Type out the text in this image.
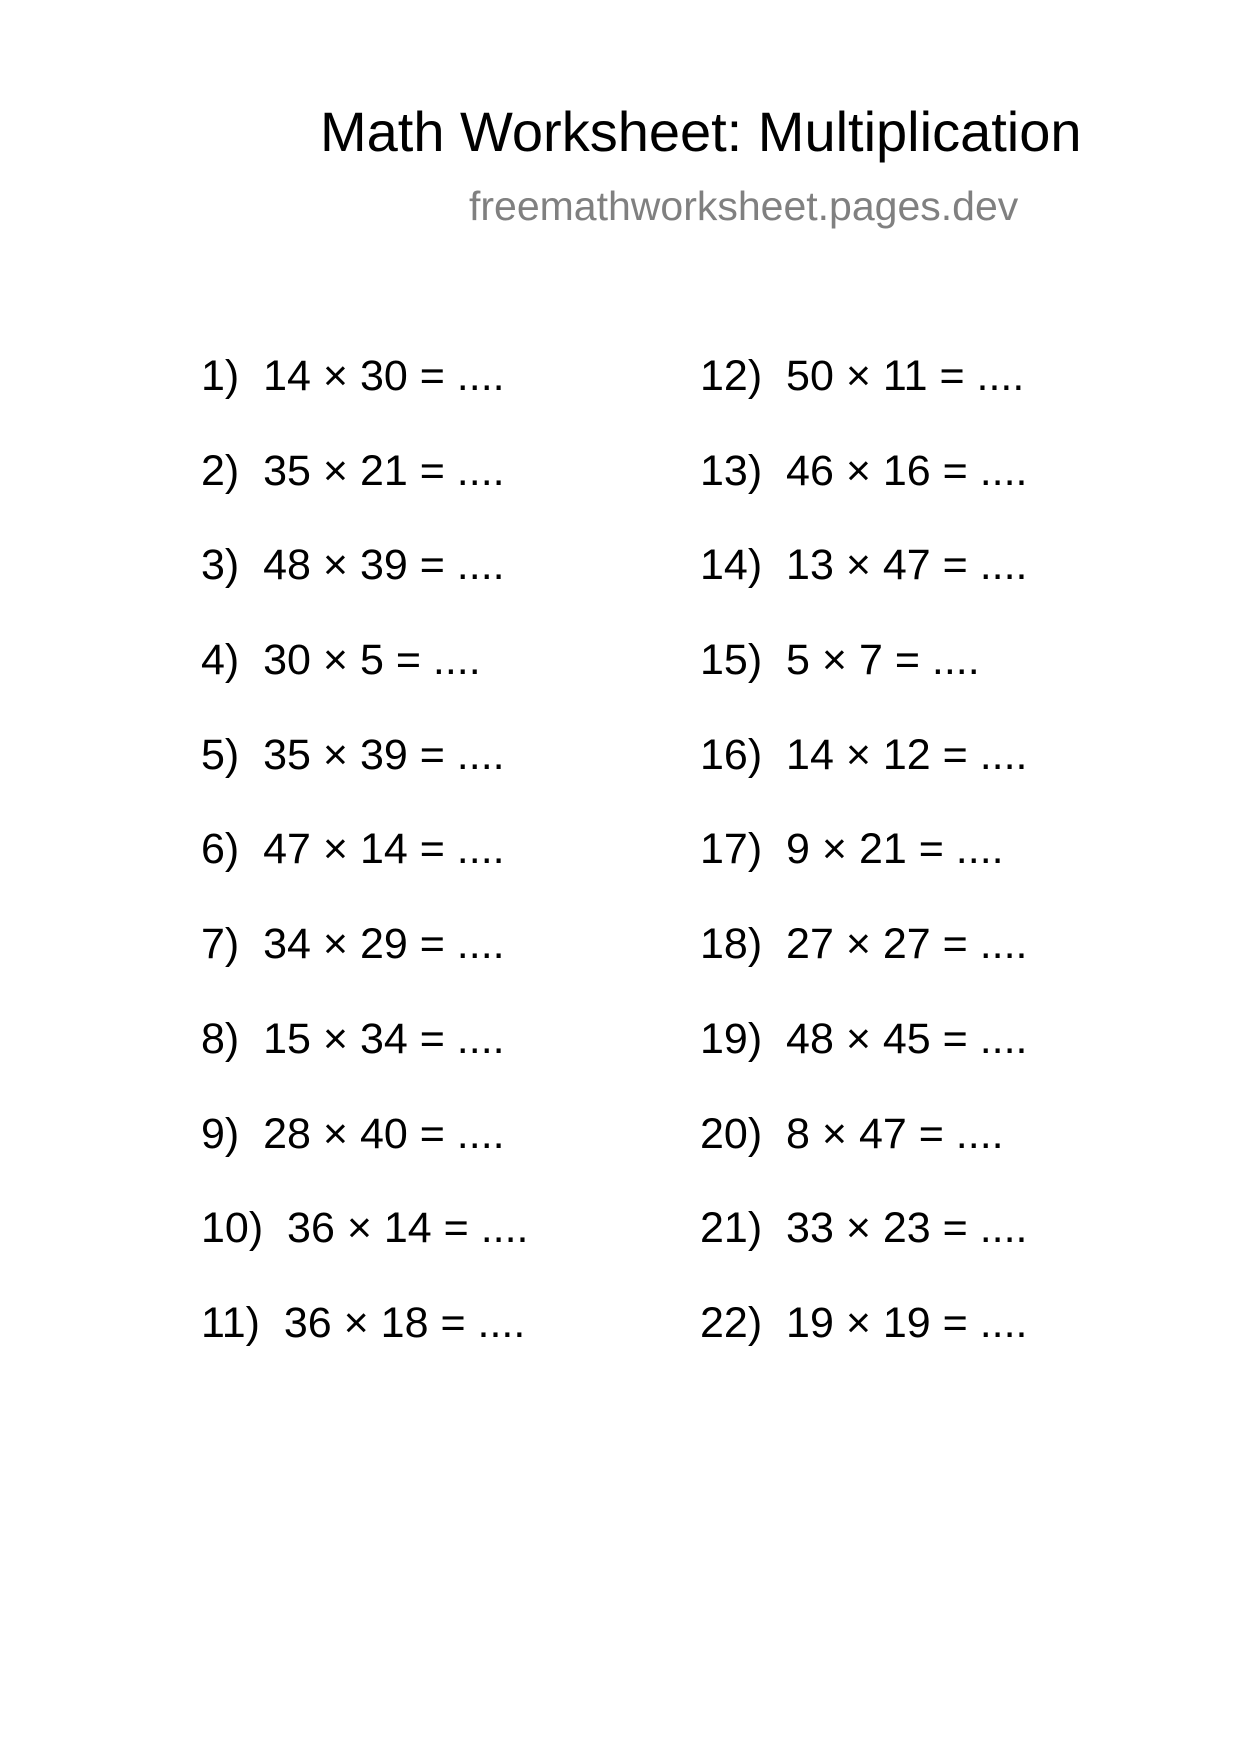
Math Worksheet: Multiplication
freemathworksheet.pages.dev
1)  14 × 30 = ....
2)  35 × 21 = ....
3)  48 × 39 = ....
4)  30 × 5 = ....
5)  35 × 39 = ....
6)  47 × 14 = ....
7)  34 × 29 = ....
8)  15 × 34 = ....
9)  28 × 40 = ....
10)  36 × 14 = ....
11)  36 × 18 = ....
12)  50 × 11 = ....
13)  46 × 16 = ....
14)  13 × 47 = ....
15)  5 × 7 = ....
16)  14 × 12 = ....
17)  9 × 21 = ....
18)  27 × 27 = ....
19)  48 × 45 = ....
20)  8 × 47 = ....
21)  33 × 23 = ....
22)  19 × 19 = ....
